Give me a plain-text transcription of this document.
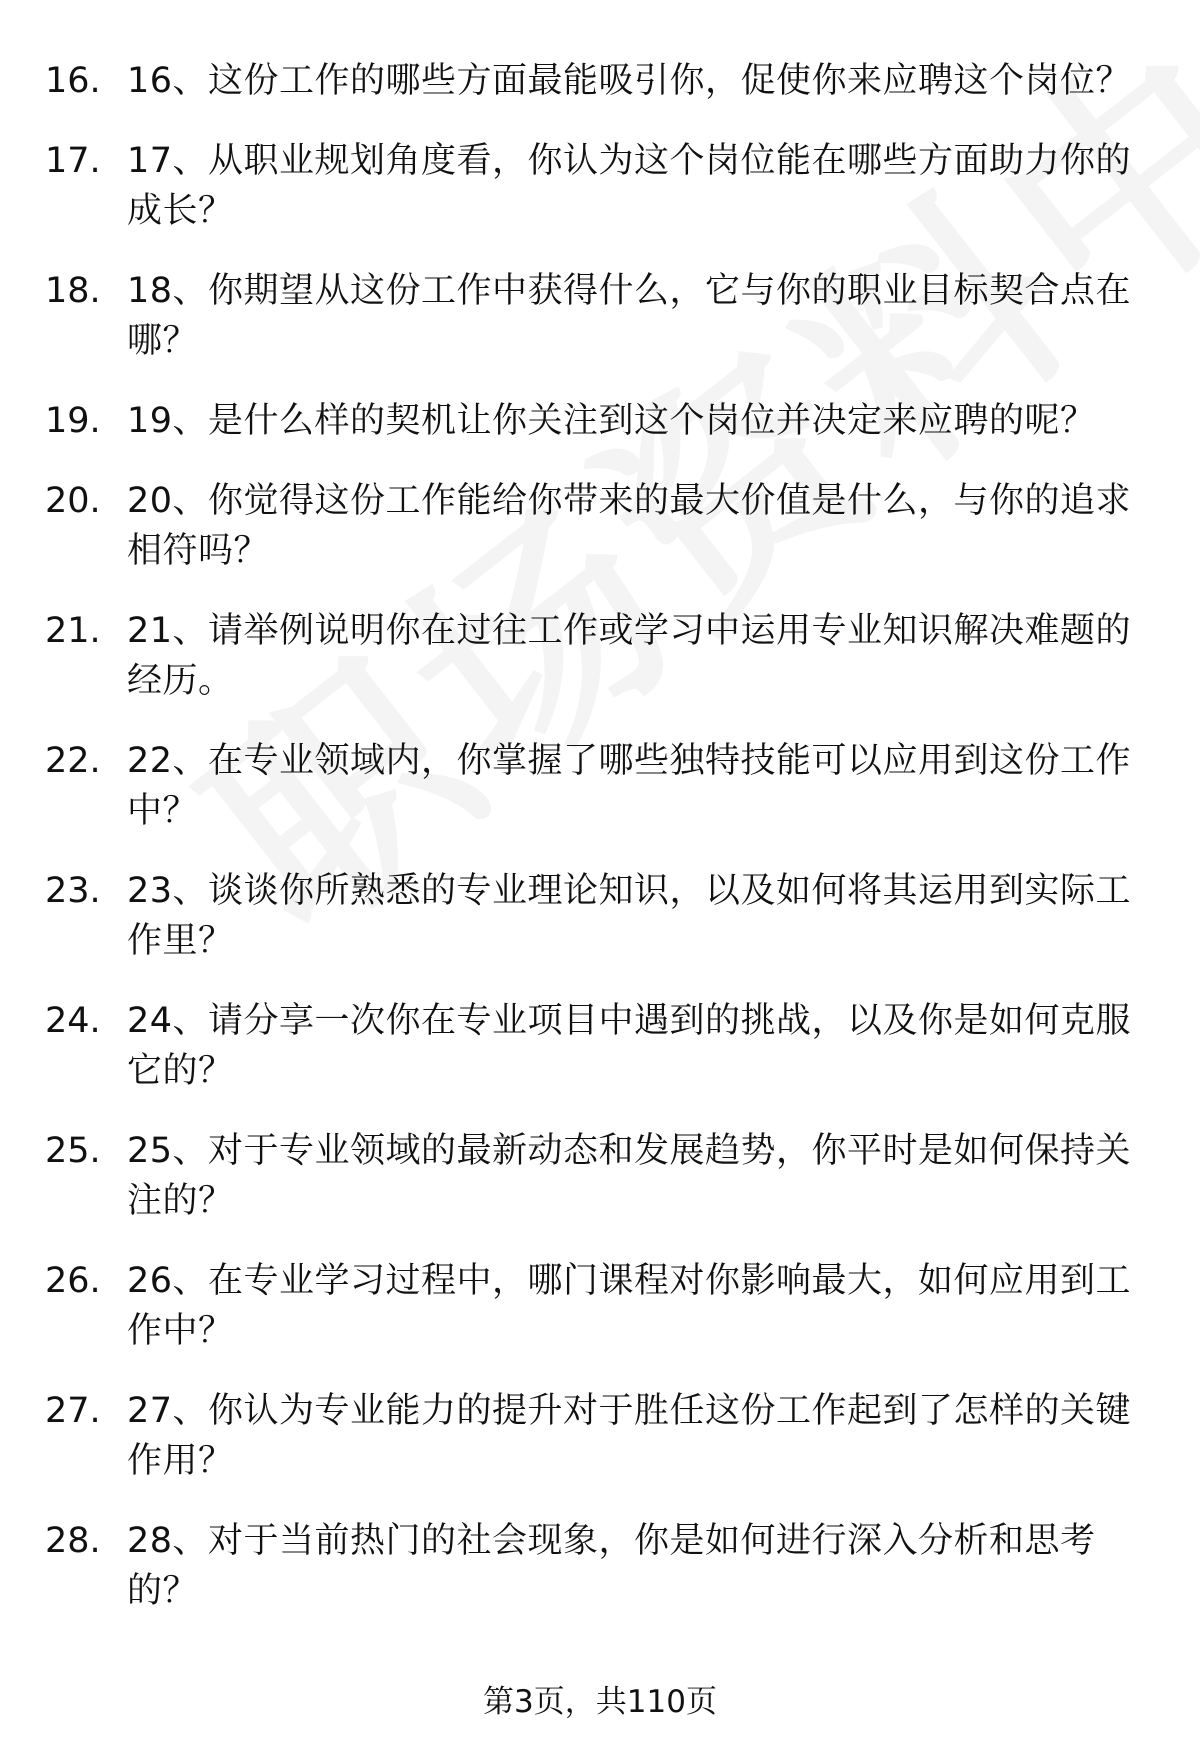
16. 16、这份工作的哪些方面最能吸引你，促使你来应聘这个岗位？
17. 17、从职业规划角度看，你认为这个岗位能在哪些方面助力你的成长？
18. 18、你期望从这份工作中获得什么，它与你的职业目标契合点在哪？
19. 19、是什么样的契机让你关注到这个岗位并决定来应聘的呢？
20. 20、你觉得这份工作能给你带来的最大价值是什么，与你的追求相符吗？
21. 21、请举例说明你在过往工作或学习中运用专业知识解决难题的经历。
22. 22、在专业领域内，你掌握了哪些独特技能可以应用到这份工作中？
23. 23、谈谈你所熟悉的专业理论知识，以及如何将其运用到实际工作里？
24. 24、请分享一次你在专业项目中遇到的挑战，以及你是如何克服它的？
25. 25、对于专业领域的最新动态和发展趋势，你平时是如何保持关注的？
26. 26、在专业学习过程中，哪门课程对你影响最大，如何应用到工作中？
27. 27、你认为专业能力的提升对于胜任这份工作起到了怎样的关键作用？
28. 28、对于当前热门的社会现象，你是如何进行深入分析和思考的？
第3页，共110页
